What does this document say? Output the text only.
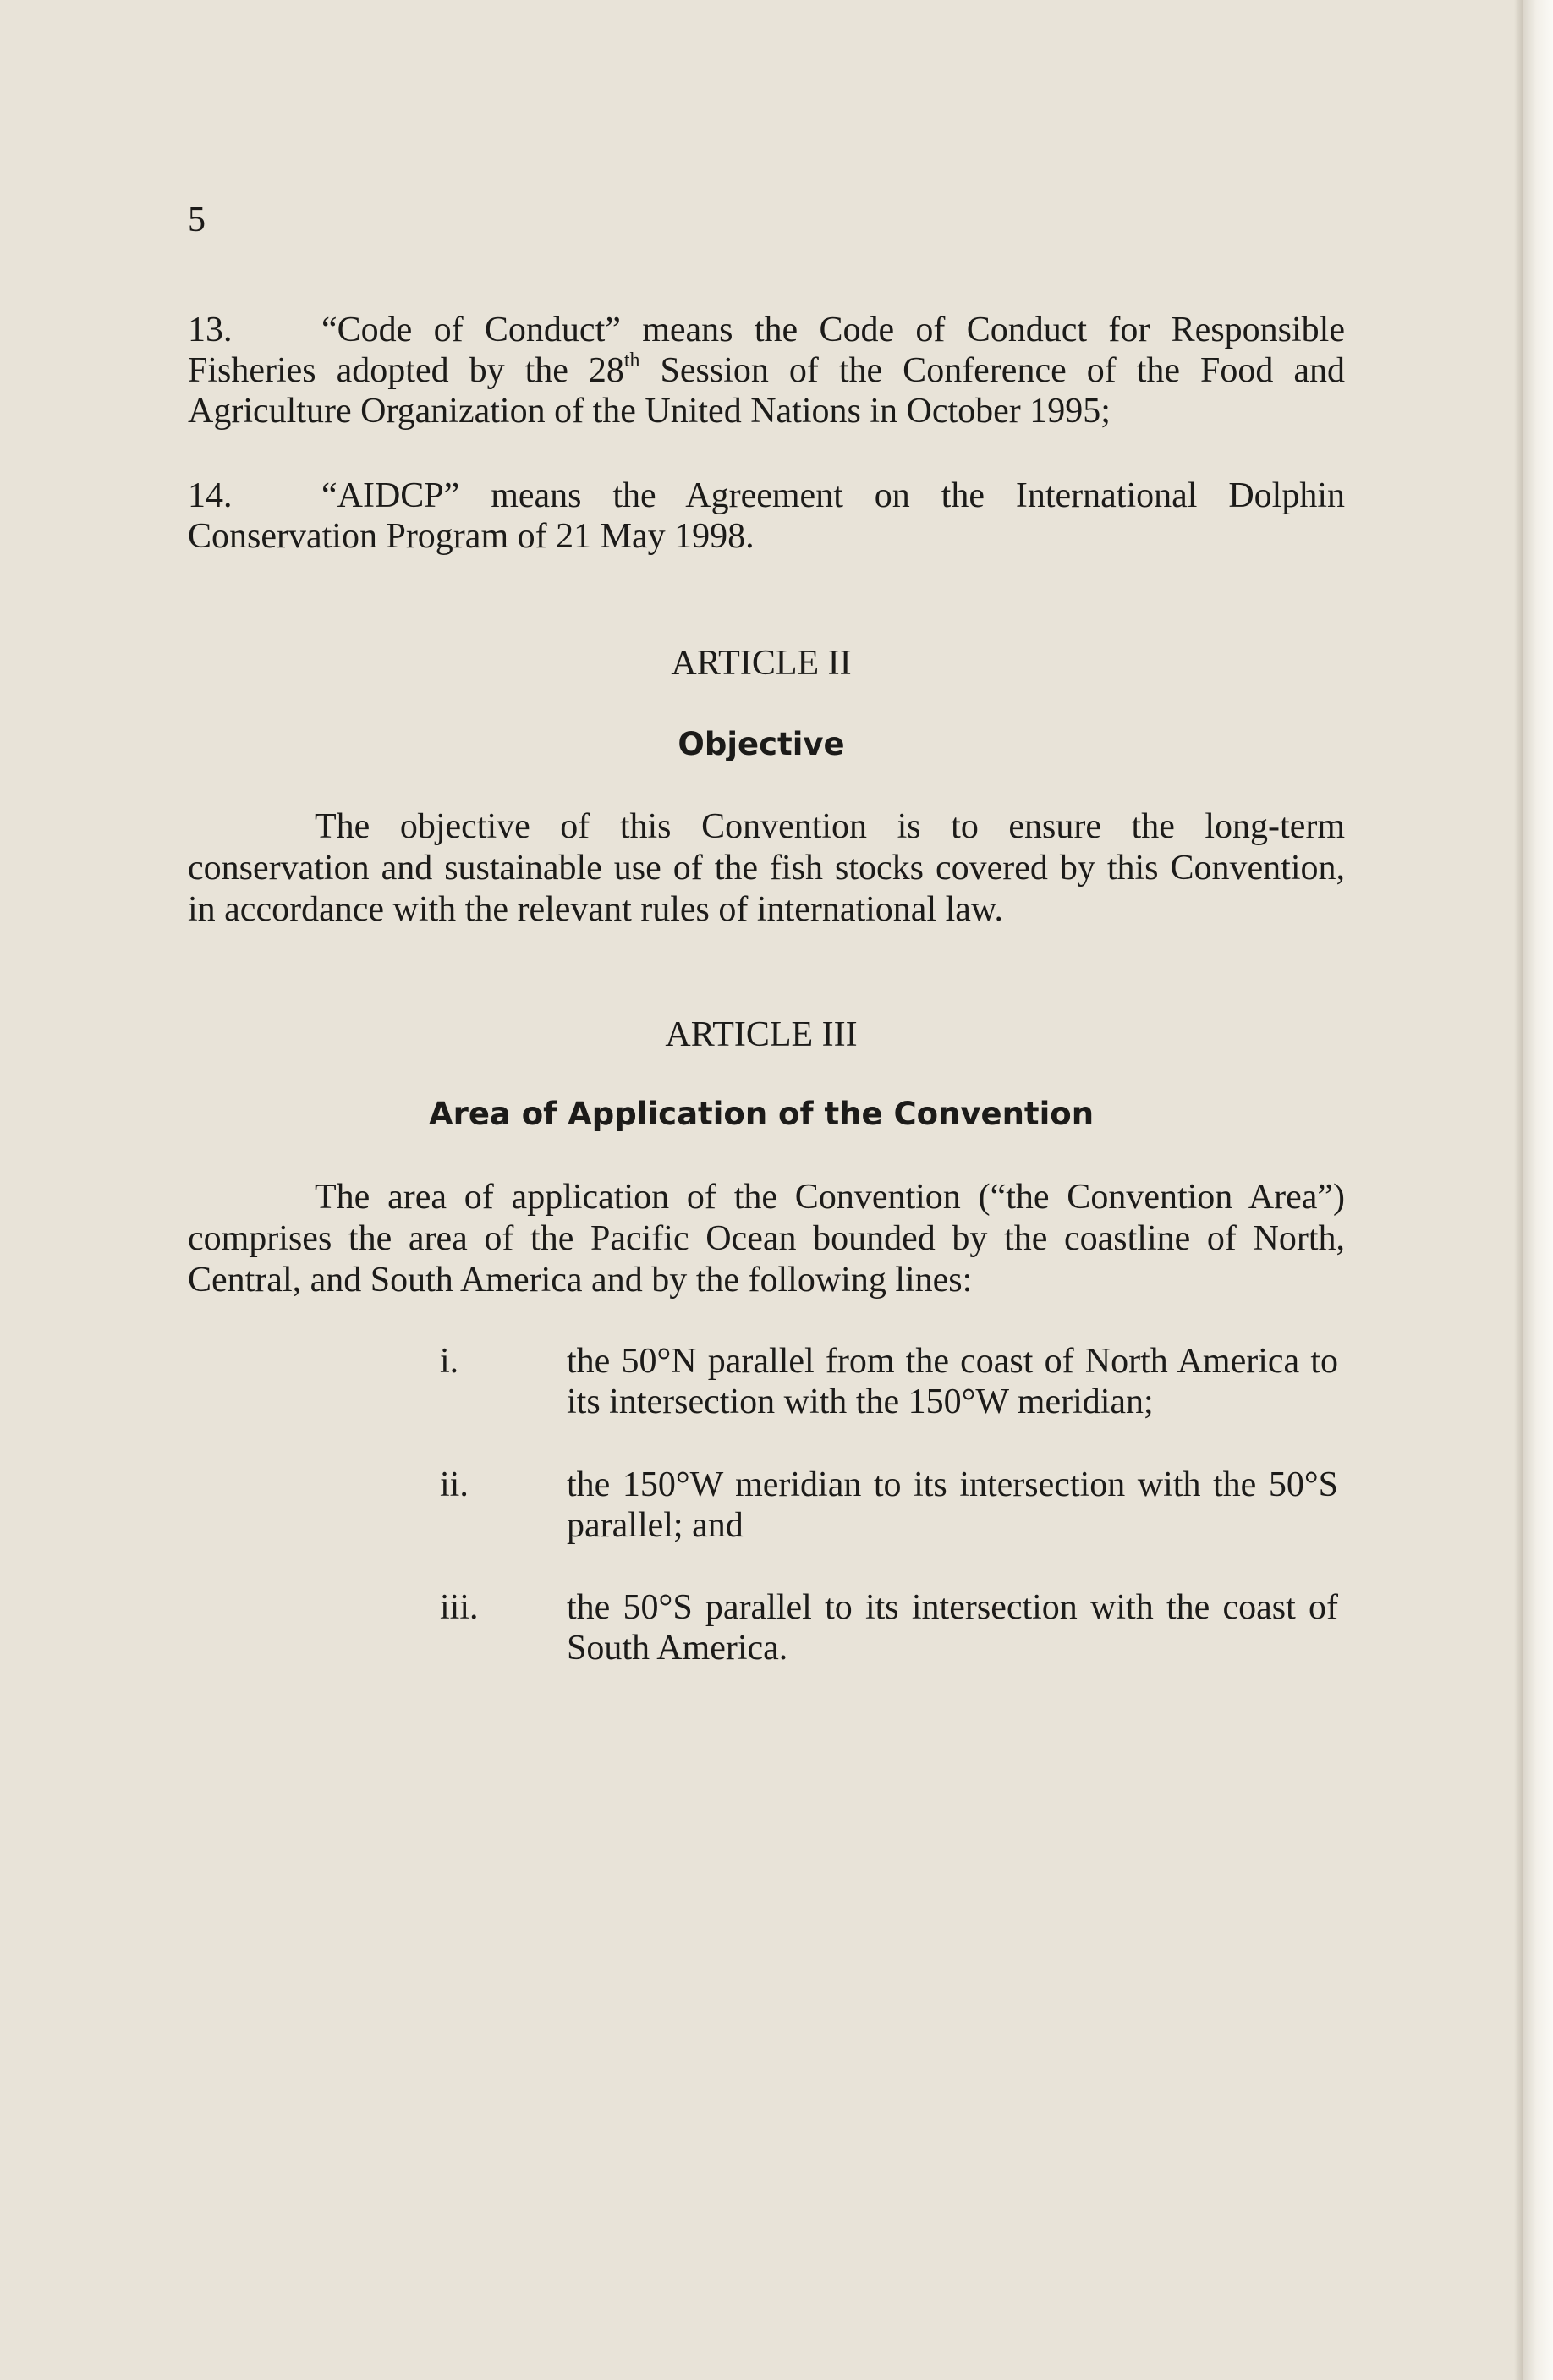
5
13.	“Code of Conduct” means the Code of Conduct for Responsible
Fisheries adopted by the 28th Session of the Conference of the Food and
Agriculture Organization of the United Nations in October 1995;
14.	“AIDCP” means the Agreement on the International Dolphin
Conservation Program of 21 May 1998.
ARTICLE II
Objective
The objective of this Convention is to ensure the long-term
conservation and sustainable use of the fish stocks covered by this Convention,
in accordance with the relevant rules of international law.
ARTICLE III
Area of Application of the Convention
The area of application of the Convention (“the Convention Area”)
comprises the area of the Pacific Ocean bounded by the coastline of North,
Central, and South America and by the following lines:
i.	the 50°N parallel from the coast of North America to
its intersection with the 150°W meridian;
ii.	the 150°W meridian to its intersection with the 50°S
parallel; and
iii. the 50°S parallel to its intersection with the coast of
South America.
